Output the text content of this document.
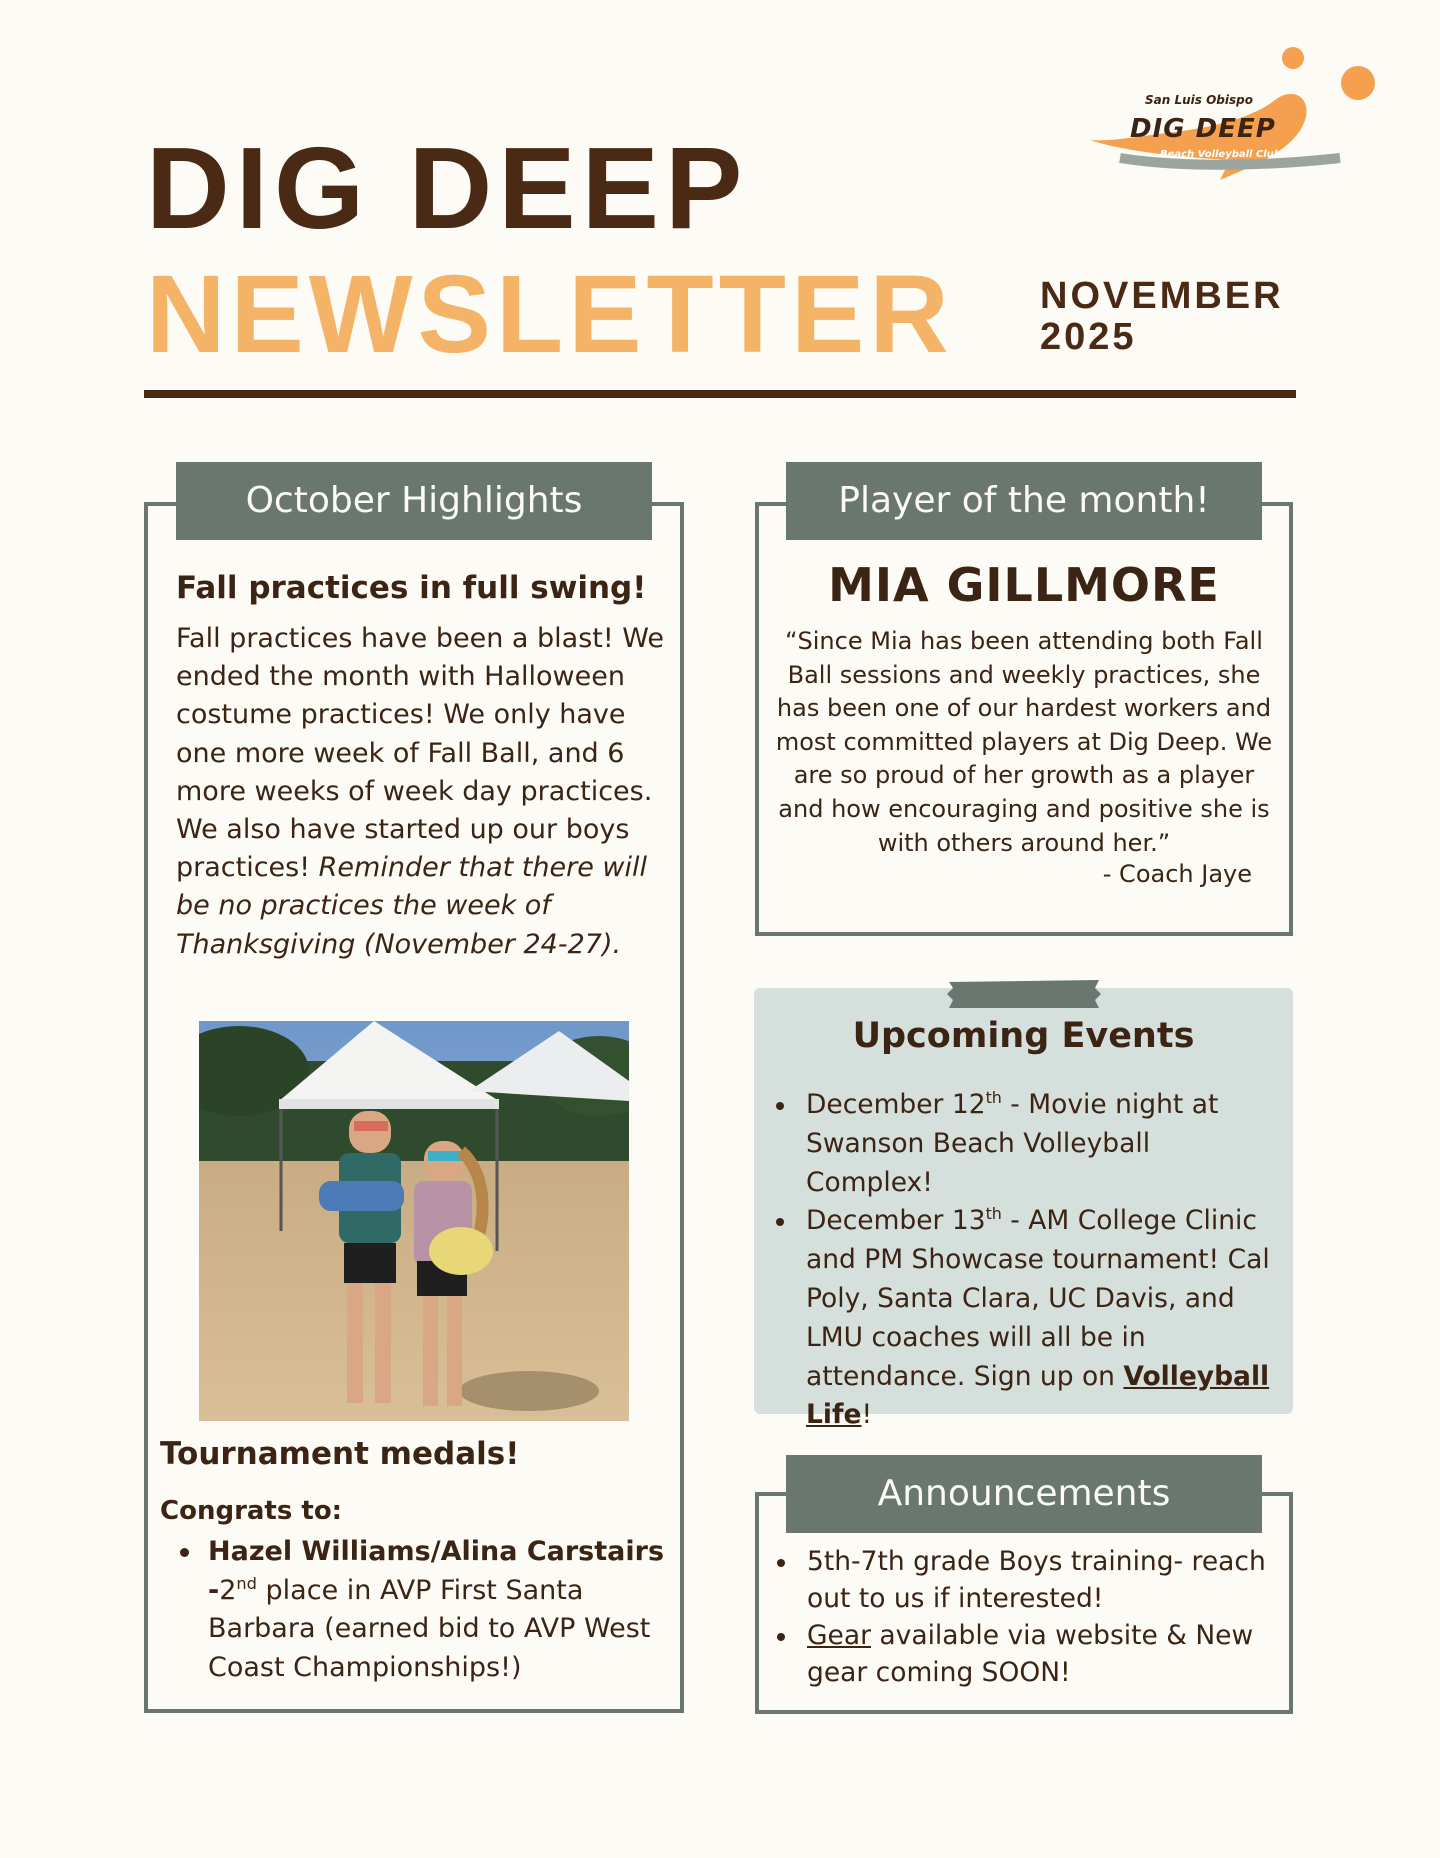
San Luis Obispo
DIG DEEP
Beach Volleyball Club
DIG DEEP
NEWSLETTER NOVEMBER
2025
October Highlights
Fall practices in full swing!
Fall practices have been a blast! We ended the month with Halloween costume practices! We only have one more week of Fall Ball, and 6 more weeks of week day practices. We also have started up our boys practices! Reminder that there will be no practices the week of Thanksgiving (November 24-27).
Tournament medals!
Congrats to:
Hazel Williams/Alina Carstairs -2nd place in AVP First Santa Barbara (earned bid to AVP West Coast Championships!)
Player of the month!
MIA GILLMORE
“Since Mia has been attending both Fall Ball sessions and weekly practices, she has been one of our hardest workers and most committed players at Dig Deep. We are so proud of her growth as a player and how encouraging and positive she is with others around her.”
- Coach Jaye
Upcoming Events
December 12th - Movie night at Swanson Beach Volleyball Complex!
December 13th - AM College Clinic and PM Showcase tournament! Cal Poly, Santa Clara, UC Davis, and LMU coaches will all be in attendance. Sign up on Volleyball Life!
Announcements
5th-7th grade Boys training- reach out to us if interested!
Gear available via website & New gear coming SOON!
